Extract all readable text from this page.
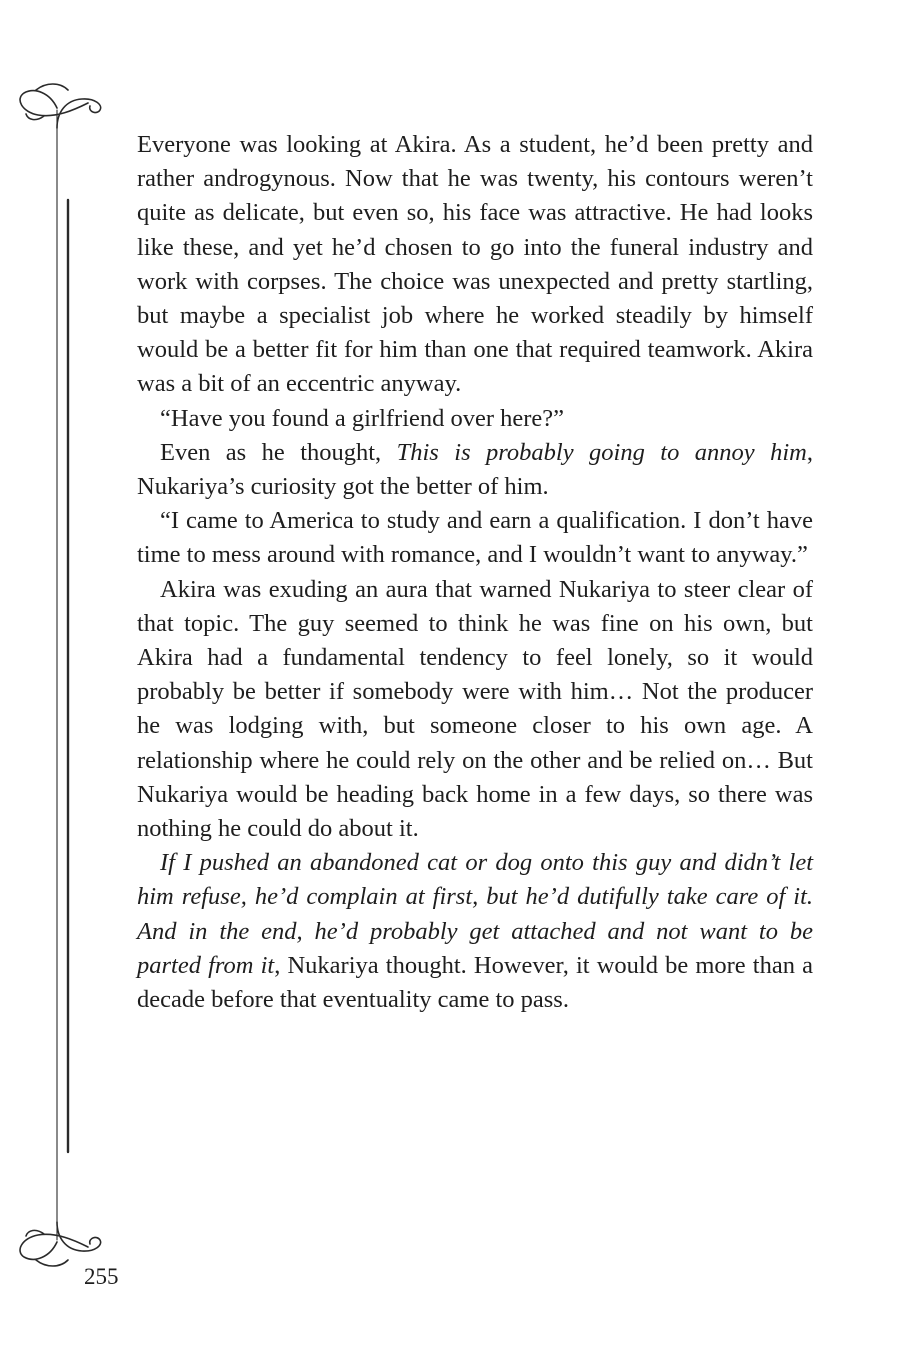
Everyone was looking at Akira. As a student, he’d been pretty and rather androgynous. Now that he was twenty, his contours weren’t quite as delicate, but even so, his face was attractive. He had looks like these, and yet he’d chosen to go into the funeral industry and work with corpses. The choice was unexpected and pretty startling, but maybe a specialist job where he worked steadily by himself would be a better fit for him than one that required teamwork. Akira was a bit of an eccentric anyway.

“Have you found a girlfriend over here?”

Even as he thought, This is probably going to annoy him, Nukariya’s curiosity got the better of him.

“I came to America to study and earn a qualification. I don’t have time to mess around with romance, and I wouldn’t want to anyway.”

Akira was exuding an aura that warned Nukariya to steer clear of that topic. The guy seemed to think he was fine on his own, but Akira had a fundamental tendency to feel lonely, so it would probably be better if somebody were with him… Not the producer he was lodging with, but someone closer to his own age. A relationship where he could rely on the other and be relied on… But Nukariya would be heading back home in a few days, so there was nothing he could do about it.

If I pushed an abandoned cat or dog onto this guy and didn’t let him refuse, he’d complain at first, but he’d dutifully take care of it. And in the end, he’d probably get attached and not want to be parted from it, Nukariya thought. However, it would be more than a decade before that eventuality came to pass.

255
